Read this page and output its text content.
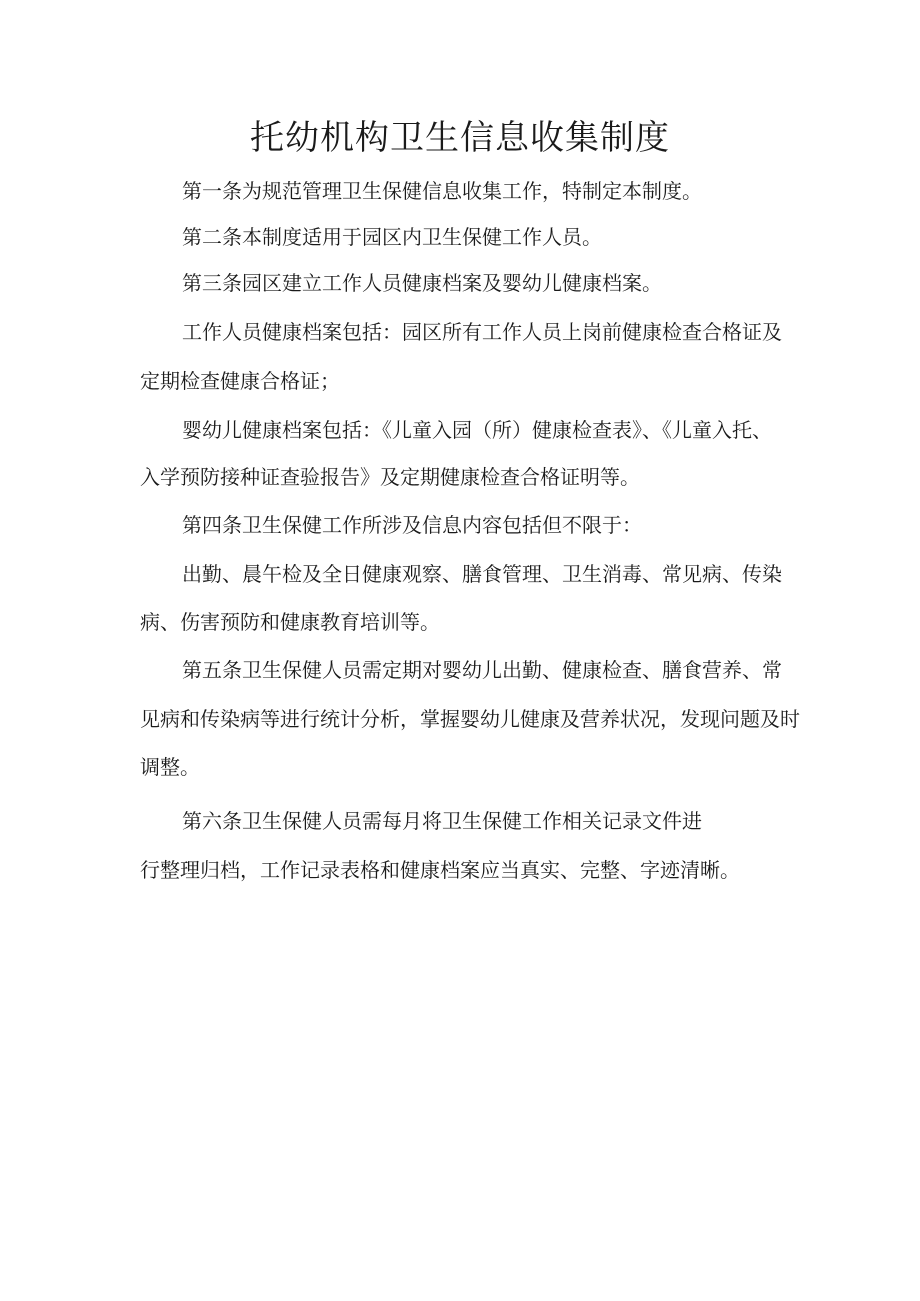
托幼机构卫生信息收集制度

第一条为规范管理卫生保健信息收集工作，特制定本制度。

第二条本制度适用于园区内卫生保健工作人员。

第三条园区建立工作人员健康档案及婴幼儿健康档案。

工作人员健康档案包括：园区所有工作人员上岗前健康检查合格证及

定期检查健康合格证；

婴幼儿健康档案包括：《儿童入园（所）健康检查表》、《儿童入托、

入学预防接种证查验报告》及定期健康检查合格证明等。

第四条卫生保健工作所涉及信息内容包括但不限于：

出勤、晨午检及全日健康观察、膳食管理、卫生消毒、常见病、传染

病、伤害预防和健康教育培训等。

第五条卫生保健人员需定期对婴幼儿出勤、健康检查、膳食营养、常

见病和传染病等进行统计分析，掌握婴幼儿健康及营养状况，发现问题及时

调整。

第六条卫生保健人员需每月将卫生保健工作相关记录文件进

行整理归档，工作记录表格和健康档案应当真实、完整、字迹清晰。
